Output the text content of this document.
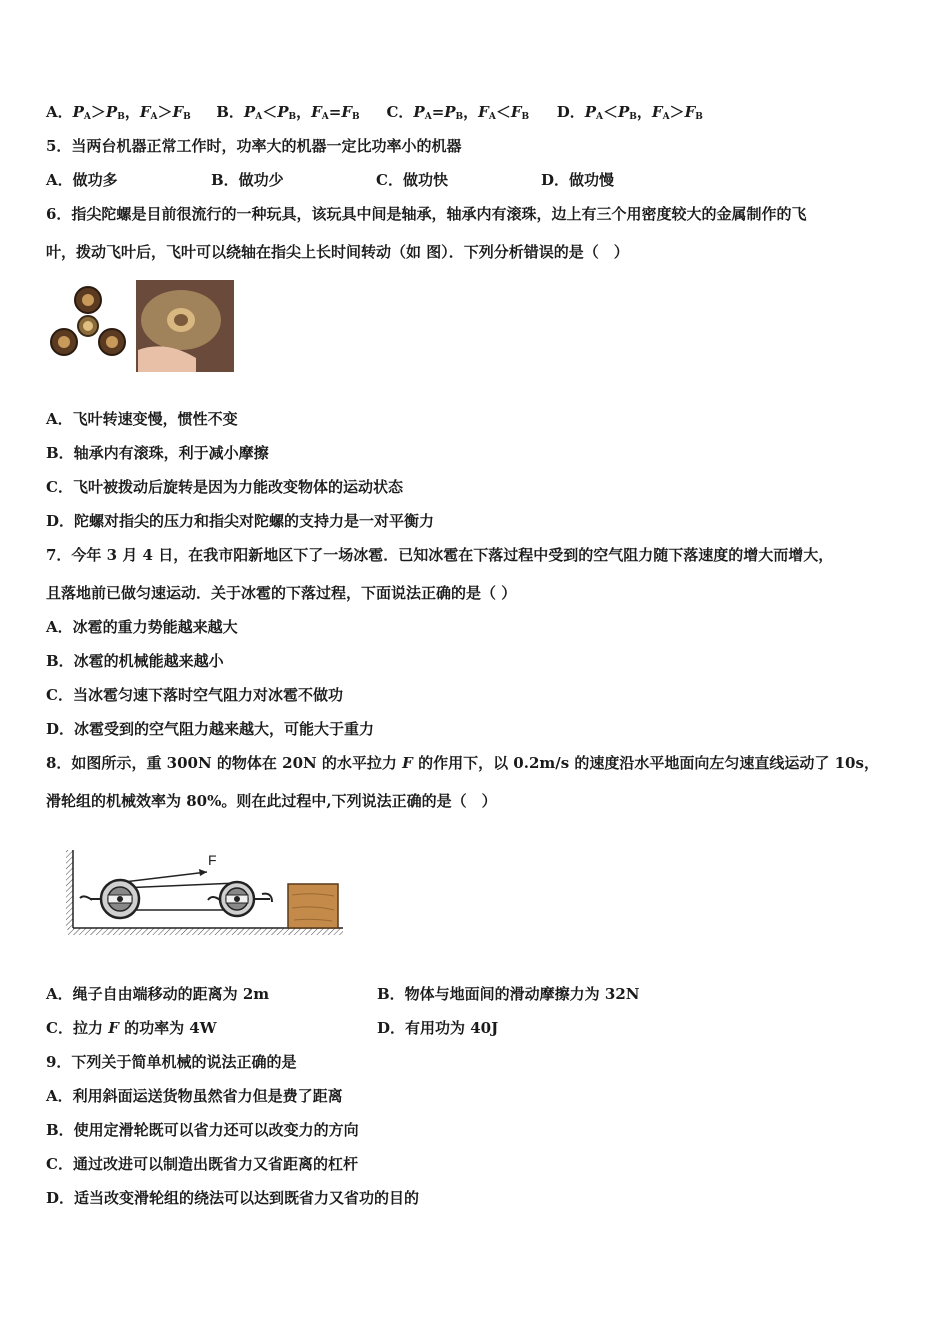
A．$P_A>P_B$，$F_A>F_B$ B．$P_A<P_B$，$F_A=F_B$ C．$P_A=P_B$，$F_A<F_B$ D．$P_A<P_B$，$F_A>F_B$
5．当两台机器正常工作时，功率大的机器一定比功率小的机器
A．做功多	B．做功少	C．做功快	D．做功慢
6．指尖陀螺是目前很流行的一种玩具，该玩具中间是轴承，轴承内有滚珠，边上有三个用密度较大的金属制作的飞
叶，拨动飞叶后，飞叶可以绕轴在指尖上长时间转动（如 图）．下列分析错误的是（　）
A．飞叶转速变慢，惯性不变
B．轴承内有滚珠，利于减小摩擦
C．飞叶被拨动后旋转是因为力能改变物体的运动状态
D．陀螺对指尖的压力和指尖对陀螺的支持力是一对平衡力
7．今年 3 月 4 日，在我市阳新地区下了一场冰雹．已知冰雹在下落过程中受到的空气阻力随下落速度的增大而增大，
且落地前已做匀速运动．关于冰雹的下落过程，下面说法正确的是（ ）
A．冰雹的重力势能越来越大
B．冰雹的机械能越来越小
C．当冰雹匀速下落时空气阻力对冰雹不做功
D．冰雹受到的空气阻力越来越大，可能大于重力
8．如图所示，重 300N 的物体在 20N 的水平拉力 F 的作用下，以 0.2m/s 的速度沿水平地面向左匀速直线运动了 10s，
滑轮组的机械效率为 80%。则在此过程中,下列说法正确的是（　）
F
A．绳子自由端移动的距离为 2m	B．物体与地面间的滑动摩擦力为 32N
C．拉力 F 的功率为 4W	D．有用功为 40J
9．下列关于简单机械的说法正确的是
A．利用斜面运送货物虽然省力但是费了距离
B．使用定滑轮既可以省力还可以改变力的方向
C．通过改进可以制造出既省力又省距离的杠杆
D．适当改变滑轮组的绕法可以达到既省力又省功的目的
